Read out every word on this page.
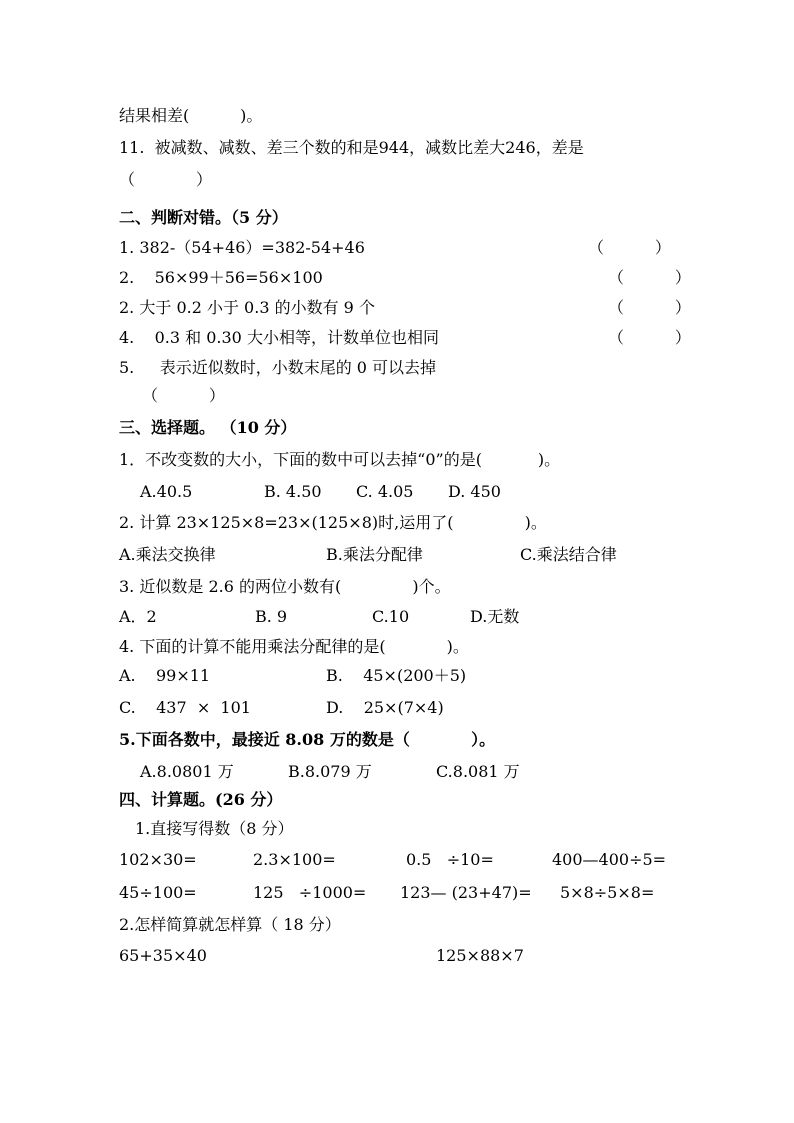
结果相差(          )。
11.  被减数、减数、差三个数的和是944，减数比差大246，差是
（            ）
二、判断对错。（5 分）
1. 382-（54+46）=382-54+46	（          ）
2.    56×99＋56=56×100	（          ）
2. 大于 0.2 小于 0.3 的小数有 9 个	（          ）
4.    0.3 和 0.30 大小相等，计数单位也相同	（          ）
5.     表示近似数时，小数末尾的 0 可以去掉
（          ）
三、选择题。 （10 分）
1．不改变数的大小，下面的数中可以去掉“0”的是(           )。
A.40.5	B. 4.50 C. 4.05 D. 450
2. 计算 23×125×8=23×(125×8)时,运用了(              )。
A.乘法交换律	B.乘法分配律	C.乘法结合律
3. 近似数是 2.6 的两位小数有(              )个。
A．2	B. 9	C.10	D.无数
4. 下面的计算不能用乘法分配律的是(            )。
A.    99×11	B.    45×(200＋5)
C.    437  ×  101	D.    25×(7×4)
5.下面各数中，最接近 8.08 万的数是（           ）。
A.8.0801 万	B.8.079 万	C.8.081 万
四、计算题。(26 分）
1.直接写得数（8 分）
102×30=	2.3×100=	0.5   ÷10=	400—400÷5=
45÷100=	125   ÷1000= 123— (23+47)= 5×8÷5×8=
2.怎样简算就怎样算（ 18 分）
65+35×40	125×88×7
